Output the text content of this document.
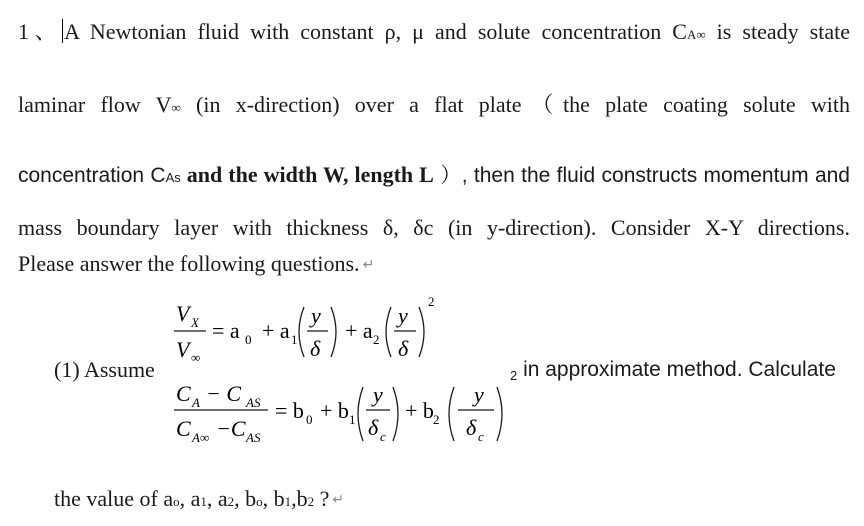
1、A Newtonian fluid with constant ρ, μ and solute concentration CA∞ is steady state
laminar flow V∞ (in x-direction) over a flat plate（the plate coating solute with
concentration CAs and the width W, length L ）, then the fluid constructs momentum and
mass boundary layer with thickness δ, δc (in y-direction). Consider X-Y directions.
Please answer the following questions. ↵
(1) Assume	2 in approximate method. Calculate
the value of ao, a1, a2, bo, b1,b2 ? ↵
V X
V ∞
= a 0 + a 1
y
δ
+ a 2
y
δ
2
C A − C AS
C A∞ −C AS
= b 0 + b 1
y
δ c
+ b 2
y
δ c
